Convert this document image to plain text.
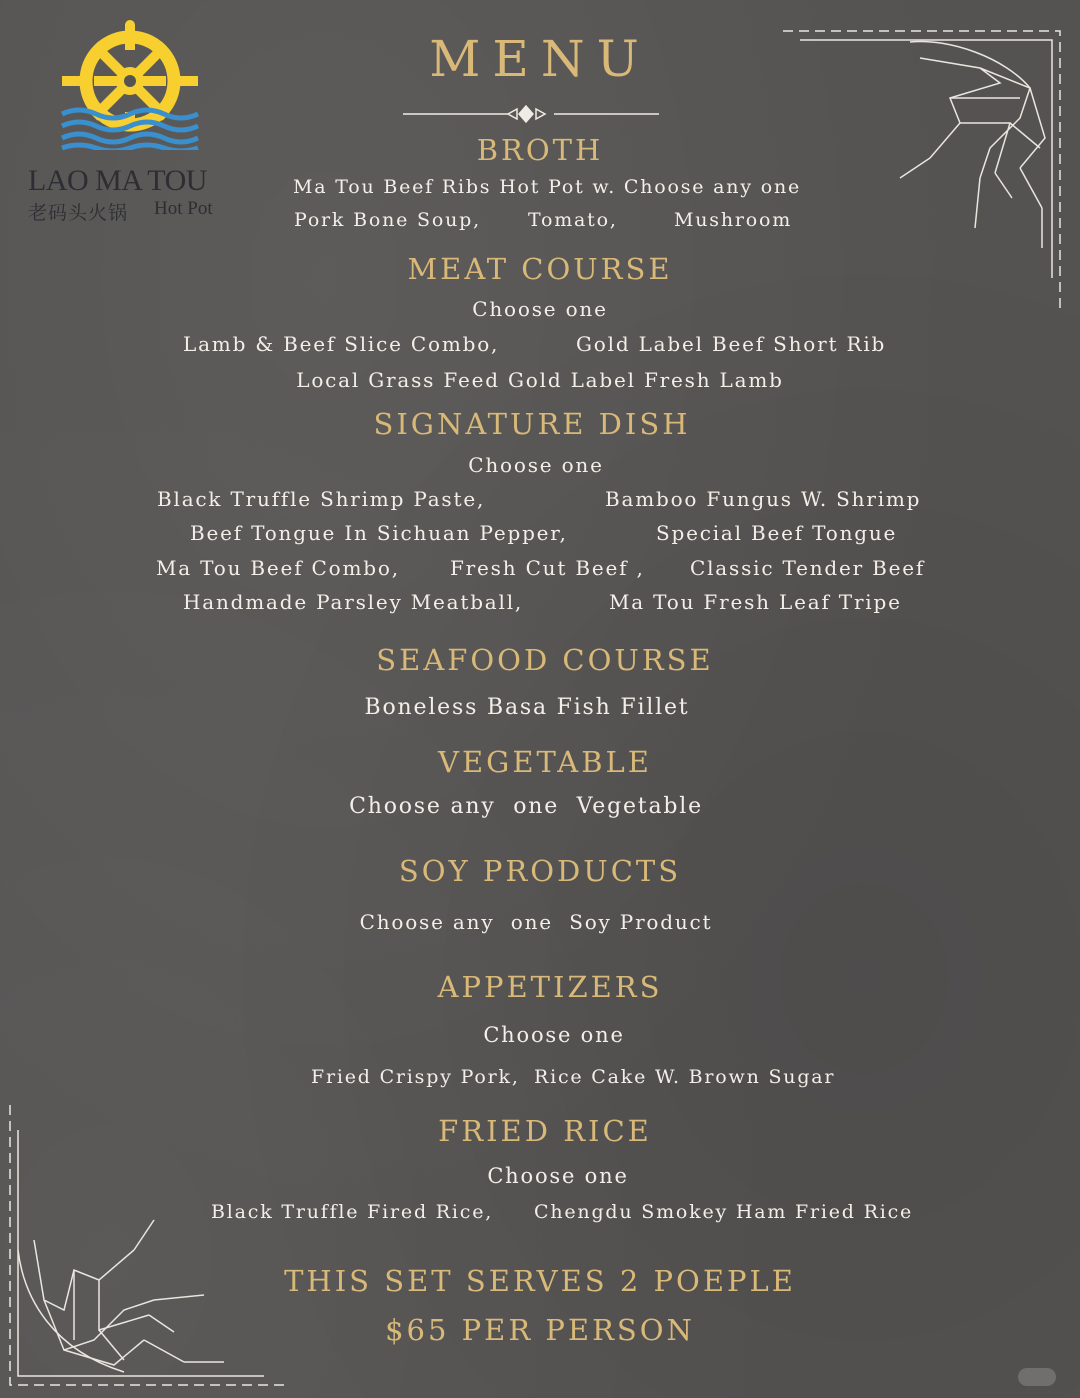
LAO MA TOU
老码头火锅 Hot Pot
MENU
BROTH
Ma Tou Beef Ribs Hot Pot w. Choose any one
Pork Bone Soup, Tomato,	Mushroom
MEAT COURSE
Choose one
Lamb & Beef Slice Combo,	Gold Label Beef Short Rib
Local Grass Feed Gold Label Fresh Lamb
SIGNATURE DISH
Choose one
Black Truffle Shrimp Paste,	Bamboo Fungus W. Shrimp
Beef Tongue In Sichuan Pepper,	Special Beef Tongue
Ma Tou Beef Combo,	Fresh Cut Beef , Classic Tender Beef
Handmade Parsley Meatball,	Ma Tou Fresh Leaf Tripe
SEAFOOD COURSE
Boneless Basa Fish Fillet
VEGETABLE
Choose any  one  Vegetable
SOY PRODUCTS
Choose any  one  Soy Product
APPETIZERS
Choose one
Fried Crispy Pork, Rice Cake W. Brown Sugar
FRIED RICE
Choose one
Black Truffle Fired Rice, Chengdu Smokey Ham Fried Rice
THIS SET SERVES 2 POEPLE
$65 PER PERSON
